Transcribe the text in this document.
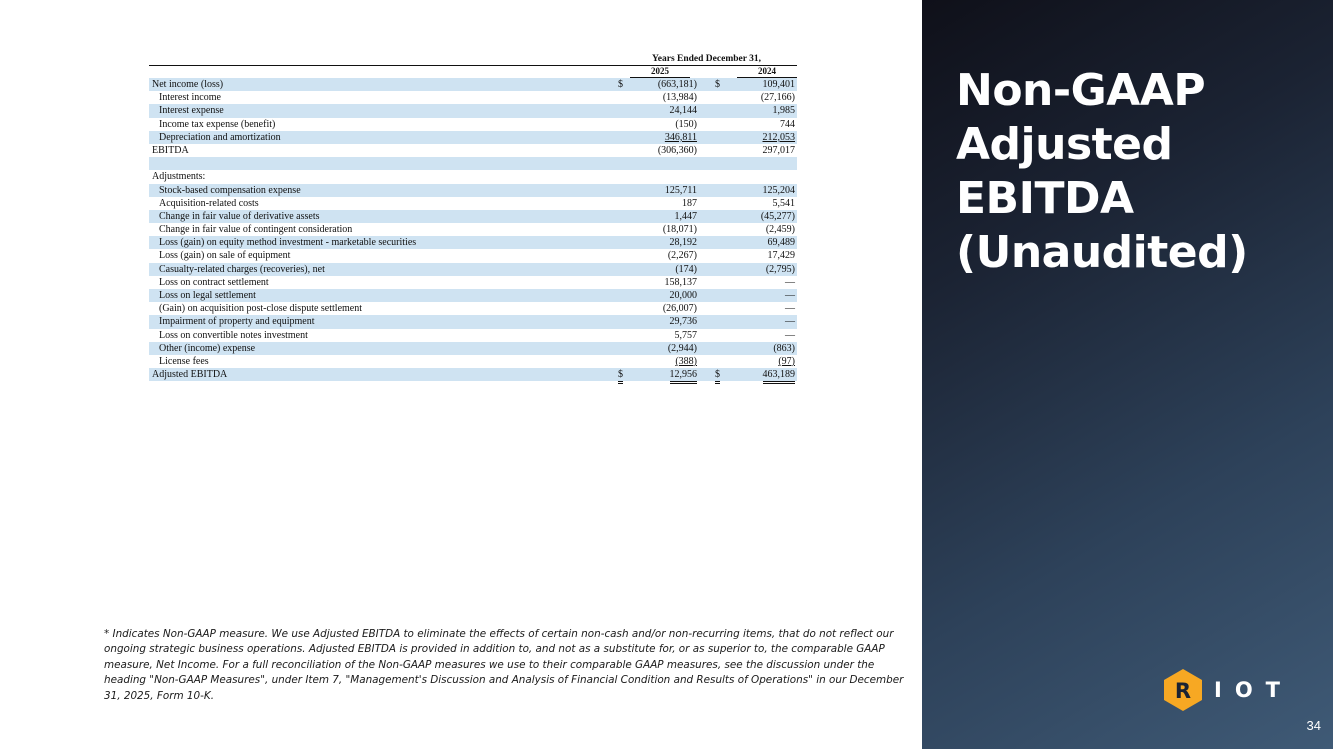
Years Ended December 31,
2025	2024
Net income (loss)	$	(663,181) $	109,401
Interest income	(13,984)	(27,166)
Interest expense	24,144	1,985
Income tax expense (benefit)	(150)	744
Depreciation and amortization	346,811	212,053
EBITDA	(306,360)	297,017
Adjustments:
Stock-based compensation expense	125,711	125,204
Acquisition-related costs	187	5,541
Change in fair value of derivative assets	1,447	(45,277)
Change in fair value of contingent consideration	(18,071)	(2,459)
Loss (gain) on equity method investment - marketable securities	28,192	69,489
Loss (gain) on sale of equipment	(2,267)	17,429
Casualty-related charges (recoveries), net	(174)	(2,795)
Loss on contract settlement	158,137	—
Loss on legal settlement	20,000	—
(Gain) on acquisition post-close dispute settlement	(26,007)	—
Impairment of property and equipment	29,736	—
Loss on convertible notes investment	5,757	—
Other (income) expense	(2,944)	(863)
License fees	(388)	(97)
Adjusted EBITDA	$	12,956 $	463,189
* Indicates Non-GAAP measure. We use Adjusted EBITDA to eliminate the effects of certain non-cash and/or non-recurring items, that do not reflect our ongoing strategic business operations. Adjusted EBITDA is provided in addition to, and not as a substitute for, or as superior to, the comparable GAAP measure, Net Income. For a full reconciliation of the Non-GAAP measures we use to their comparable GAAP measures, see the discussion under the heading "Non-GAAP Measures", under Item 7, "Management's Discussion and Analysis of Financial Condition and Results of Operations" in our December 31, 2025, Form 10-K.
Non-GAAP
Adjusted
EBITDA
(Unaudited)
R IOT
34
